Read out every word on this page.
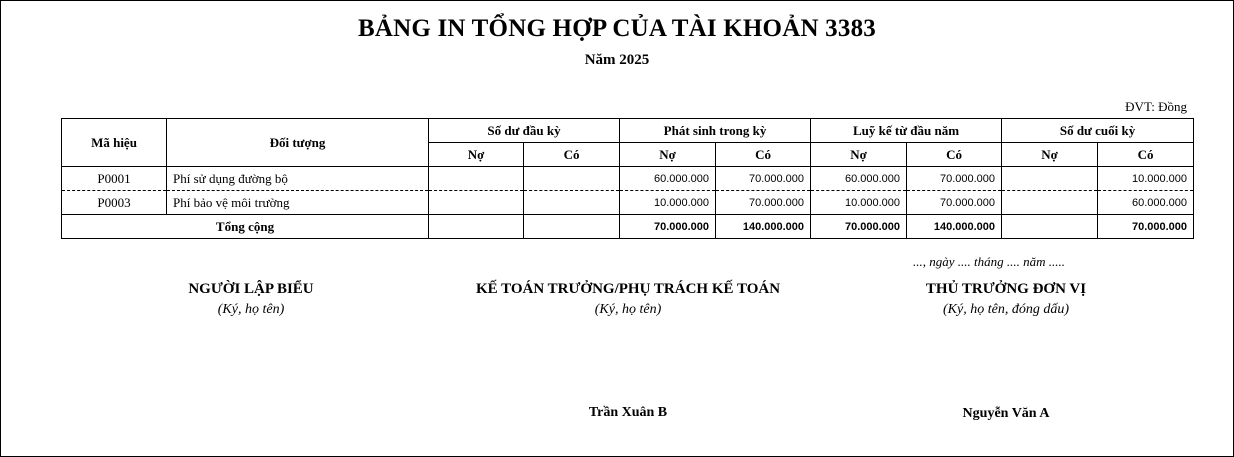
BẢNG IN TỔNG HỢP CỦA TÀI KHOẢN 3383
Năm 2025
ĐVT: Đồng
Mã hiệu	Đối tượng	Số dư đầu kỳ		Phát sinh trong kỳ		Luỹ kế từ đầu năm		Số dư cuối kỳ	
		Nợ	Có	Nợ	Có	Nợ	Có	Nợ	Có
P0001	Phí sử dụng đường bộ			60.000.000	70.000.000	60.000.000	70.000.000		10.000.000
P0003	Phí bảo vệ môi trường			10.000.000	70.000.000	10.000.000	70.000.000		60.000.000
Tổng cộng				70.000.000	140.000.000	70.000.000	140.000.000		70.000.000
..., ngày .... tháng .... năm .....
NGƯỜI LẬP BIỂU
(Ký, họ tên)
KẾ TOÁN TRƯỞNG/PHỤ TRÁCH KẾ TOÁN
(Ký, họ tên)
THỦ TRƯỞNG ĐƠN VỊ
(Ký, họ tên, đóng dấu)
Trần Xuân B	Nguyễn Văn A
